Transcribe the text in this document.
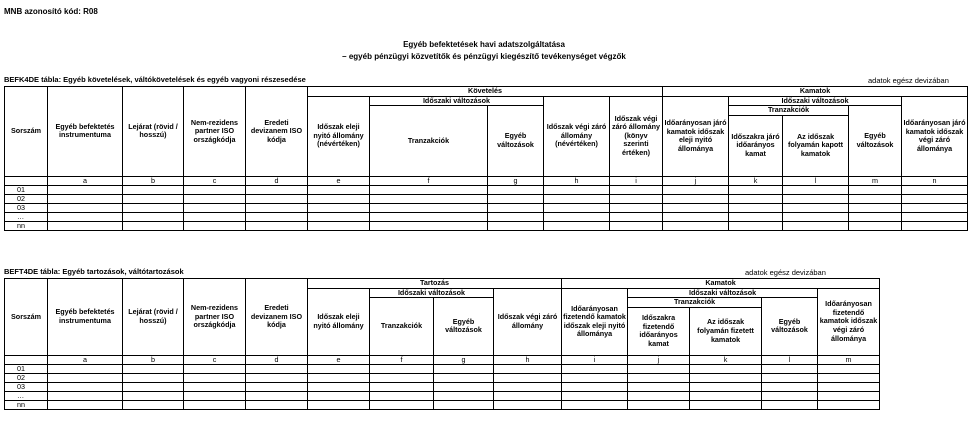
MNB azonosító kód: R08
Egyéb befektetések havi adatszolgáltatása
– egyéb pénzügyi közvetítők és pénzügyi kiegészítő tevékenységet végzők
BEFK4DE tábla: Egyéb követelések, váltókövetelések és egyéb vagyoni részesedése	adatok egész devizában
Sorszám	Egyéb befektetés instrumentuma	Lejárat (rövid / hosszú)	Nem-rezidens partner ISO országkódja	Eredeti devizanem ISO kódja	Követelés					Kamatok				
					Időszak eleji nyitó állomány (névértéken)	Időszaki változások		Időszak végi záró állomány (névértéken)	Időszak végi záró állomány (könyv szerinti értéken)	Időarányosan járó kamatok időszak eleji nyitó állománya	Időszaki változások			Időarányosan járó kamatok időszak végi záró állománya
						Tranzakciók	Egyéb változások				Tranzakciók		Egyéb változások	
											Időszakra járó időarányos kamat	Az időszak folyamán kapott kamatok		
	a	b	c	d	e	f	g	h	i	j	k	l	m	n
01														
02														
03														
…														
nn														
BEFT4DE tábla: Egyéb tartozások, váltótartozások	adatok egész devizában
Sorszám	Egyéb befektetés instrumentuma	Lejárat (rövid / hosszú)	Nem-rezidens partner ISO országkódja	Eredeti devizanem ISO kódja	Tartozás				Kamatok				
					Időszak eleji nyitó állomány	Időszaki változások		Időszak végi záró állomány	Időarányosan fizetendő kamatok időszak eleji nyitó állománya	Időszaki változások			Időarányosan fizetendő kamatok időszak végi záró állománya
						Tranzakciók	Egyéb változások			Tranzakciók		Egyéb változások	
										Időszakra fizetendő időarányos kamat	Az időszak folyamán fizetett kamatok		
	a	b	c	d	e	f	g	h	i	j	k	l	m
01													
02													
03													
…													
nn													
